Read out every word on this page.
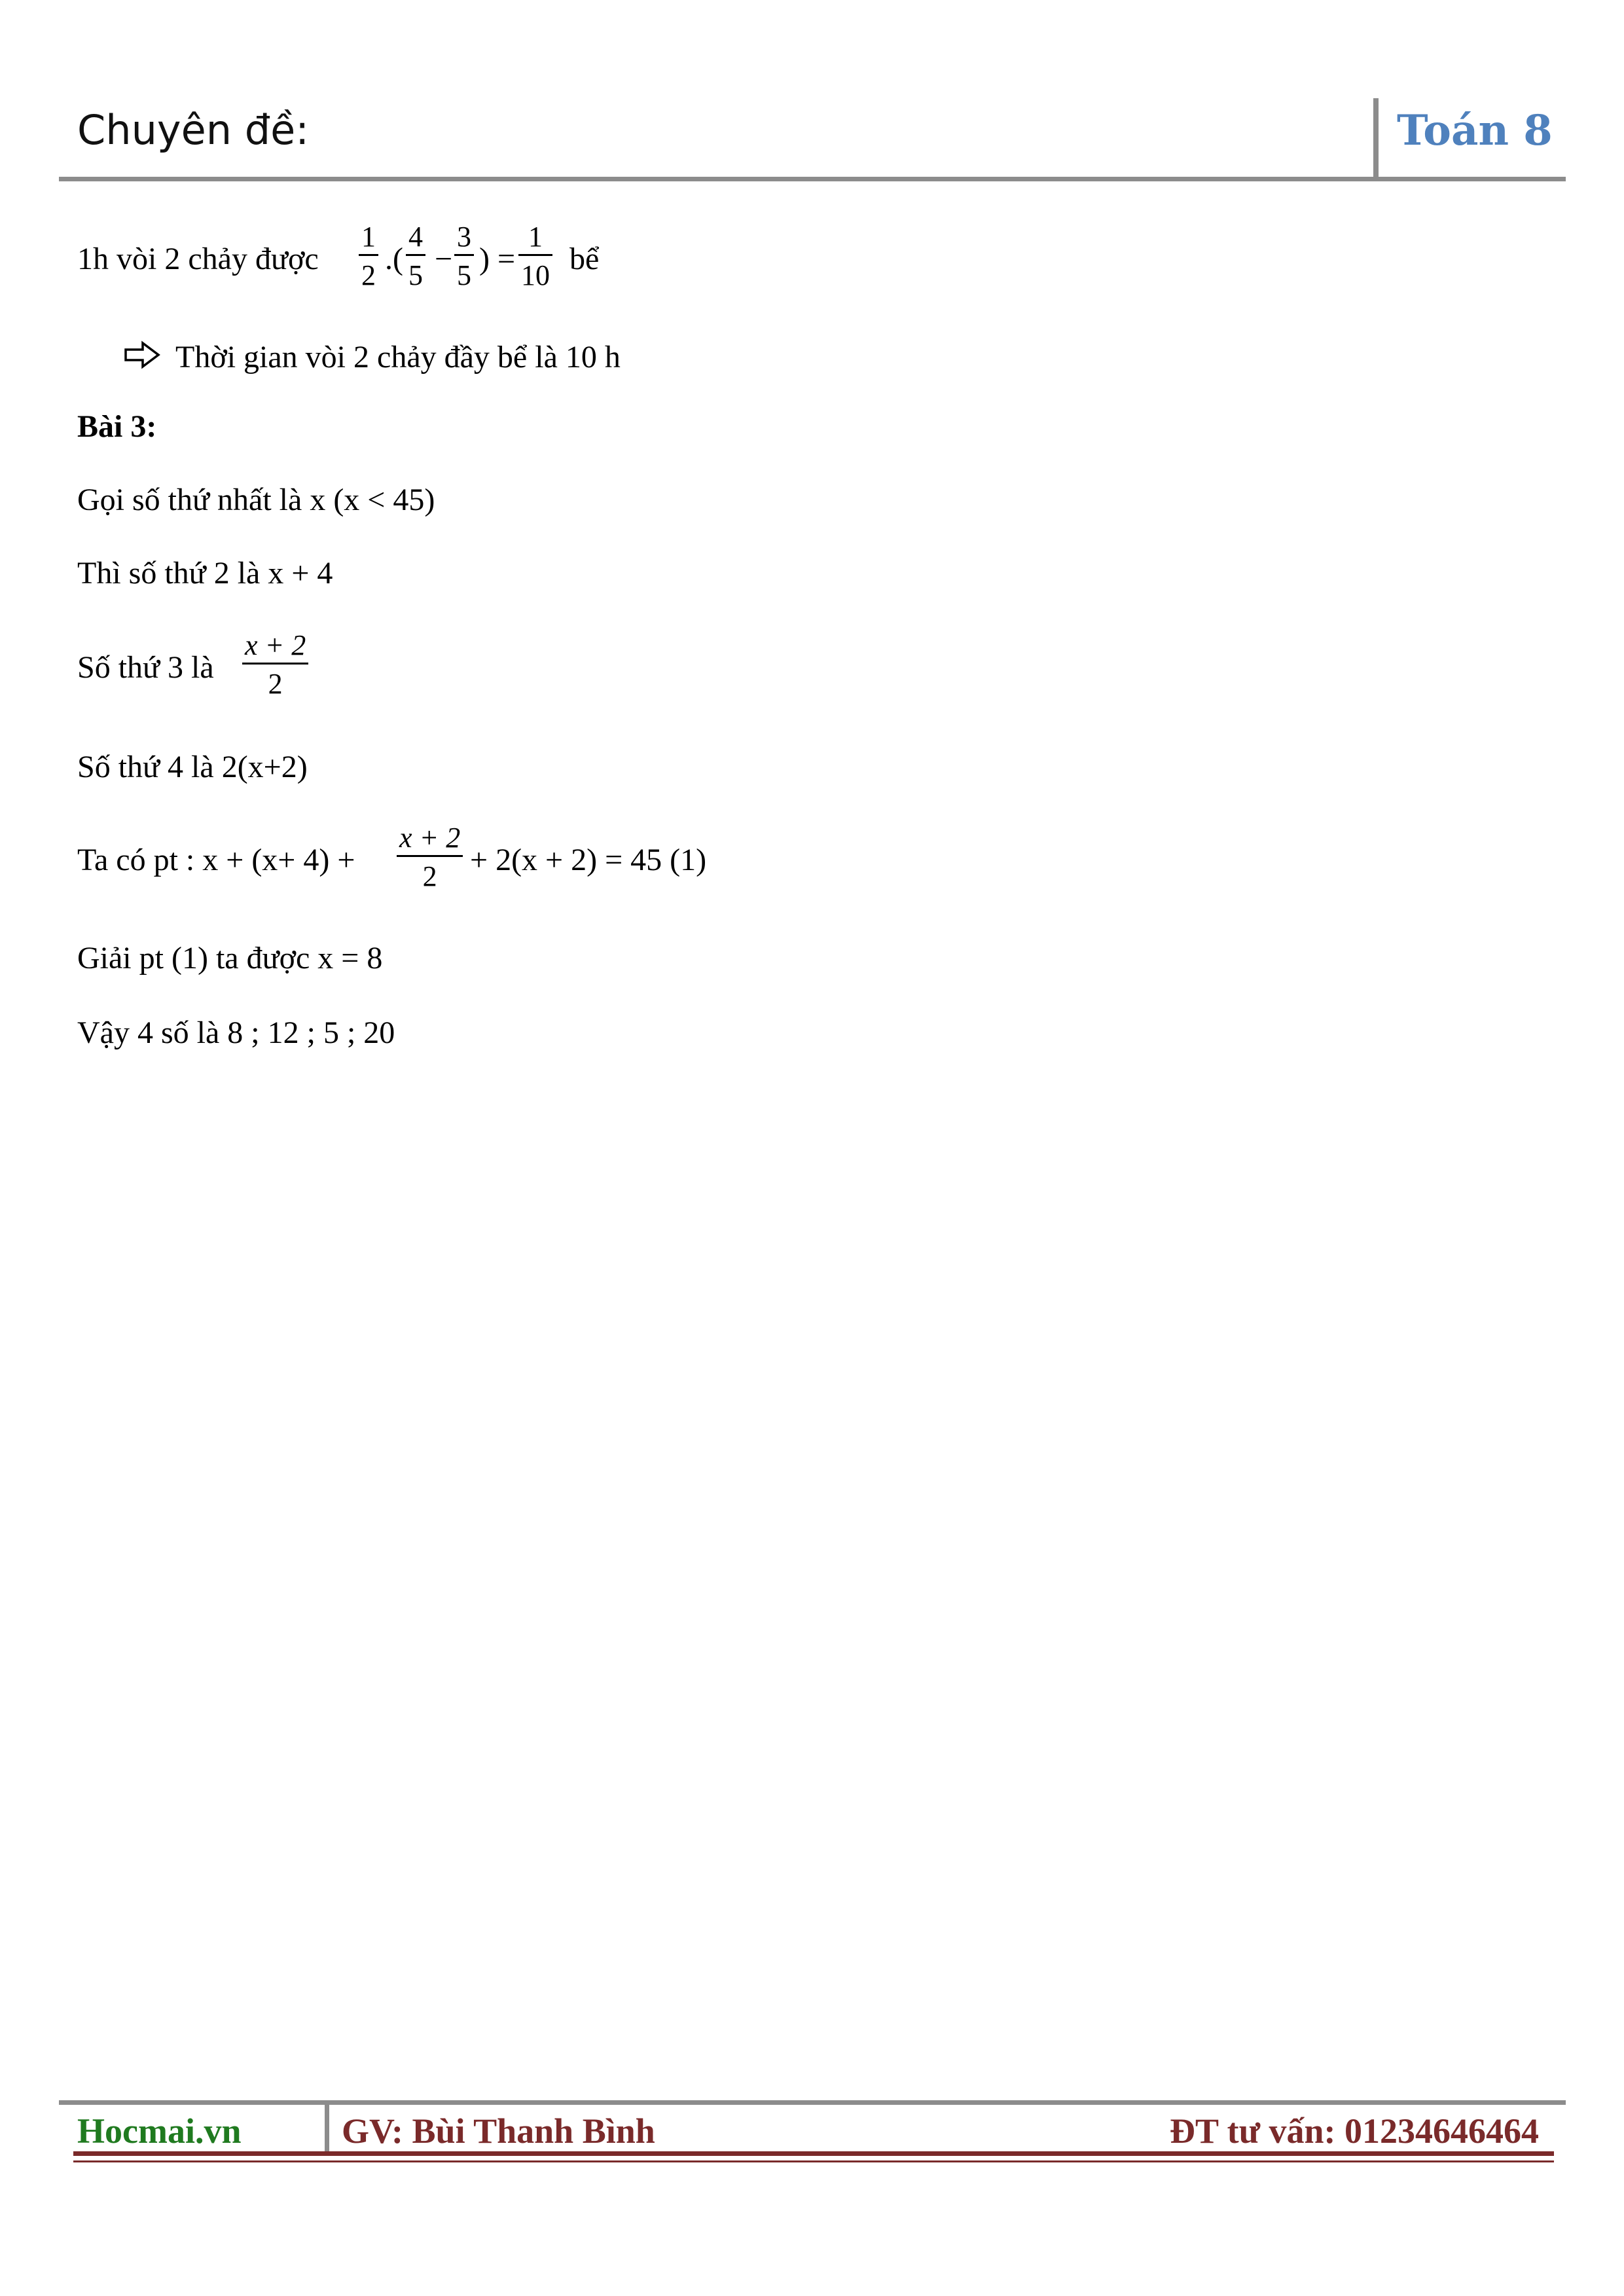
Chuyên đề:	Toán 8
1h vòi 2 chảy được
1
2 .(
4
5 −
3
5 ) =
1
10 bể
Thời gian vòi 2 chảy đầy bể là 10 h
Bài 3:
Gọi số thứ nhất là x (x < 45)
Thì số thứ 2 là x + 4
Số thứ 3 là
x + 2
2
Số thứ 4 là 2(x+2)
Ta có pt : x + (x+ 4) +
x + 2
2 + 2(x + 2) = 45 (1)
Giải pt (1) ta được x = 8
Vậy 4 số là 8 ; 12 ; 5 ; 20
Hocmai.vn	GV: Bùi Thanh Bình	ĐT tư vấn: 01234646464
